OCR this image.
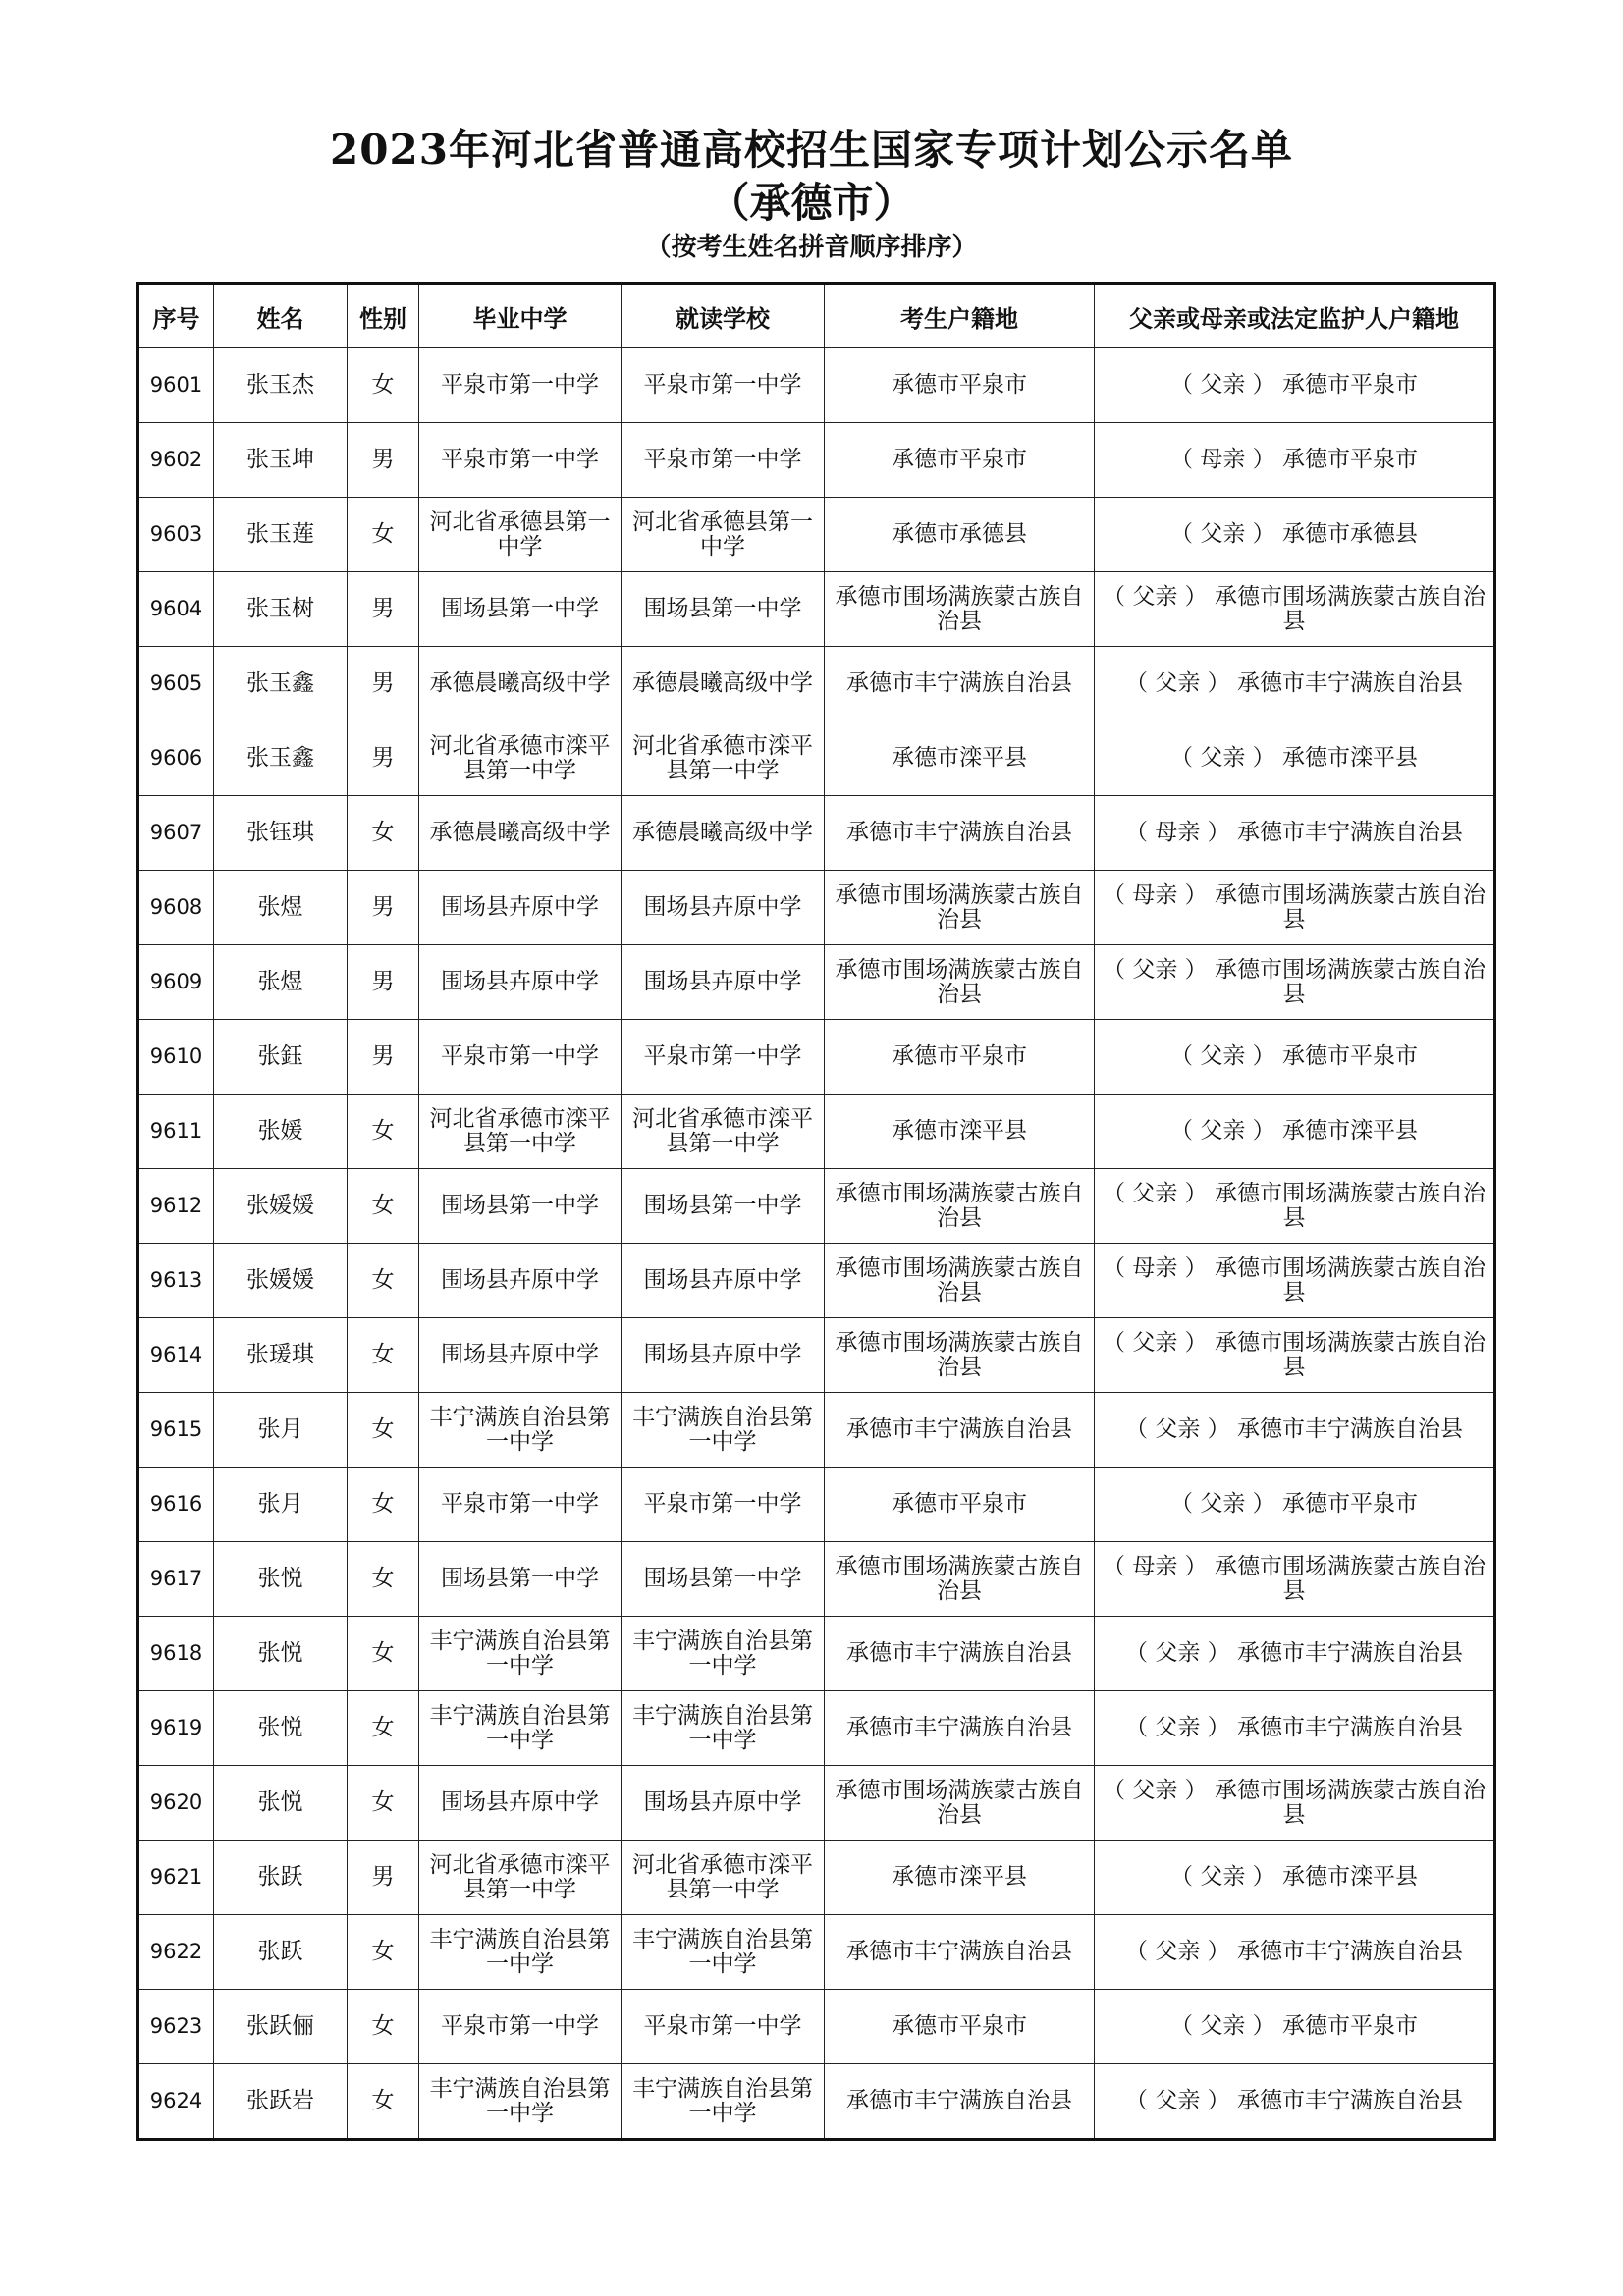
2023年河北省普通高校招生国家专项计划公示名单
（承德市）
（按考生姓名拼音顺序排序）
序号	姓名	性别	毕业中学	就读学校	考生户籍地	父亲或母亲或法定监护人户籍地
9601	张玉杰	女	平泉市第一中学	平泉市第一中学	承德市平泉市	（ 父亲 ） 承德市平泉市
9602	张玉坤	男	平泉市第一中学	平泉市第一中学	承德市平泉市	（ 母亲 ） 承德市平泉市
9603	张玉莲	女	河北省承德县第一中学	河北省承德县第一中学	承德市承德县	（ 父亲 ） 承德市承德县
9604	张玉树	男	围场县第一中学	围场县第一中学	承德市围场满族蒙古族自治县	（ 父亲 ） 承德市围场满族蒙古族自治县
9605	张玉鑫	男	承德晨曦高级中学	承德晨曦高级中学	承德市丰宁满族自治县	（ 父亲 ） 承德市丰宁满族自治县
9606	张玉鑫	男	河北省承德市滦平县第一中学	河北省承德市滦平县第一中学	承德市滦平县	（ 父亲 ） 承德市滦平县
9607	张钰琪	女	承德晨曦高级中学	承德晨曦高级中学	承德市丰宁满族自治县	（ 母亲 ） 承德市丰宁满族自治县
9608	张煜	男	围场县卉原中学	围场县卉原中学	承德市围场满族蒙古族自治县	（ 母亲 ） 承德市围场满族蒙古族自治县
9609	张煜	男	围场县卉原中学	围场县卉原中学	承德市围场满族蒙古族自治县	（ 父亲 ） 承德市围场满族蒙古族自治县
9610	张鈺	男	平泉市第一中学	平泉市第一中学	承德市平泉市	（ 父亲 ） 承德市平泉市
9611	张媛	女	河北省承德市滦平县第一中学	河北省承德市滦平县第一中学	承德市滦平县	（ 父亲 ） 承德市滦平县
9612	张媛媛	女	围场县第一中学	围场县第一中学	承德市围场满族蒙古族自治县	（ 父亲 ） 承德市围场满族蒙古族自治县
9613	张媛媛	女	围场县卉原中学	围场县卉原中学	承德市围场满族蒙古族自治县	（ 母亲 ） 承德市围场满族蒙古族自治县
9614	张瑗琪	女	围场县卉原中学	围场县卉原中学	承德市围场满族蒙古族自治县	（ 父亲 ） 承德市围场满族蒙古族自治县
9615	张月	女	丰宁满族自治县第一中学	丰宁满族自治县第一中学	承德市丰宁满族自治县	（ 父亲 ） 承德市丰宁满族自治县
9616	张月	女	平泉市第一中学	平泉市第一中学	承德市平泉市	（ 父亲 ） 承德市平泉市
9617	张悦	女	围场县第一中学	围场县第一中学	承德市围场满族蒙古族自治县	（ 母亲 ） 承德市围场满族蒙古族自治县
9618	张悦	女	丰宁满族自治县第一中学	丰宁满族自治县第一中学	承德市丰宁满族自治县	（ 父亲 ） 承德市丰宁满族自治县
9619	张悦	女	丰宁满族自治县第一中学	丰宁满族自治县第一中学	承德市丰宁满族自治县	（ 父亲 ） 承德市丰宁满族自治县
9620	张悦	女	围场县卉原中学	围场县卉原中学	承德市围场满族蒙古族自治县	（ 父亲 ） 承德市围场满族蒙古族自治县
9621	张跃	男	河北省承德市滦平县第一中学	河北省承德市滦平县第一中学	承德市滦平县	（ 父亲 ） 承德市滦平县
9622	张跃	女	丰宁满族自治县第一中学	丰宁满族自治县第一中学	承德市丰宁满族自治县	（ 父亲 ） 承德市丰宁满族自治县
9623	张跃俪	女	平泉市第一中学	平泉市第一中学	承德市平泉市	（ 父亲 ） 承德市平泉市
9624	张跃岩	女	丰宁满族自治县第一中学	丰宁满族自治县第一中学	承德市丰宁满族自治县	（ 父亲 ） 承德市丰宁满族自治县
